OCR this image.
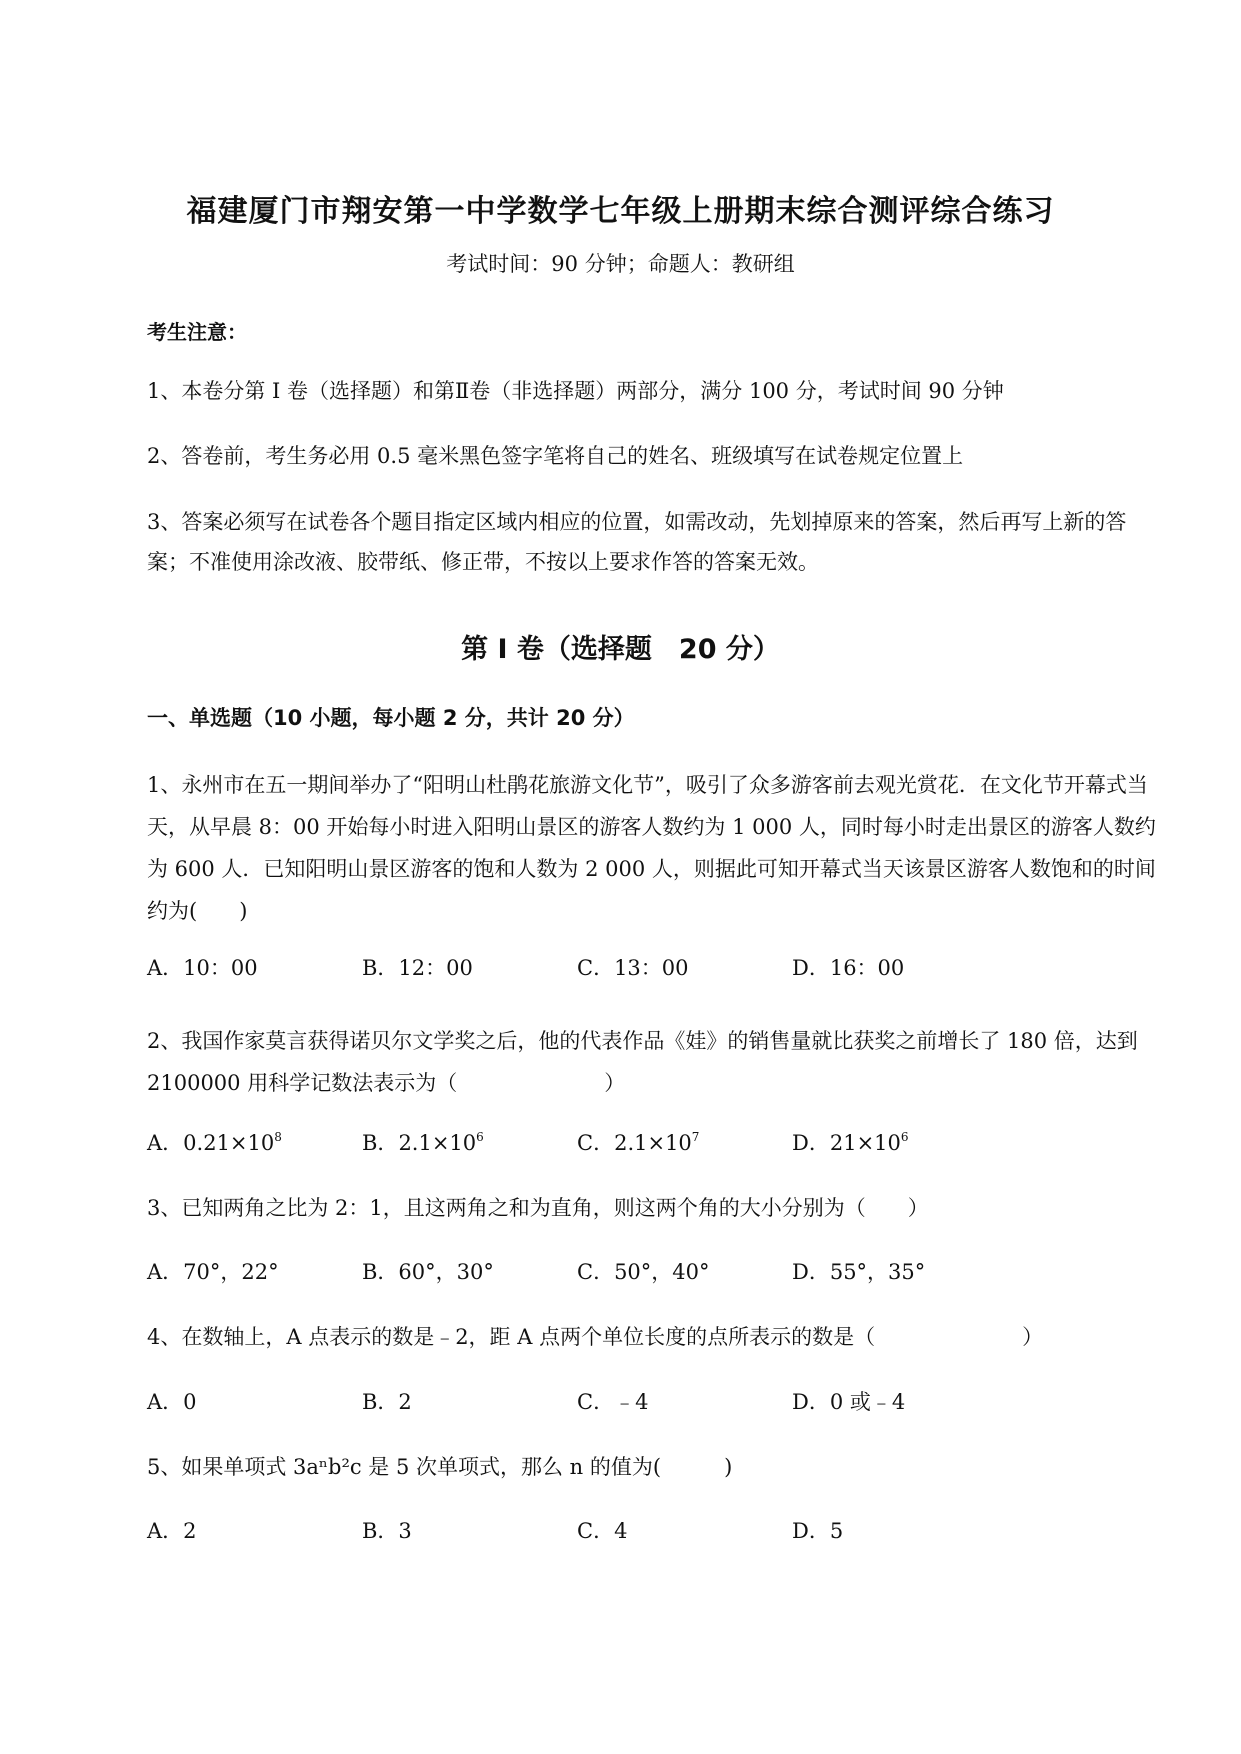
福建厦门市翔安第一中学数学七年级上册期末综合测评综合练习
考试时间：90 分钟；命题人：教研组
考生注意：
1、本卷分第 I 卷（选择题）和第Ⅱ卷（非选择题）两部分，满分 100 分，考试时间 90 分钟
2、答卷前，考生务必用 0.5 毫米黑色签字笔将自己的姓名、班级填写在试卷规定位置上
3、答案必须写在试卷各个题目指定区域内相应的位置，如需改动，先划掉原来的答案，然后再写上新的答案；不准使用涂改液、胶带纸、修正带，不按以上要求作答的答案无效。
第 I 卷（选择题　20 分）
一、单选题（10 小题，每小题 2 分，共计 20 分）
1、永州市在五一期间举办了“阳明山杜鹃花旅游文化节”，吸引了众多游客前去观光赏花．在文化节开幕式当天，从早晨 8：00 开始每小时进入阳明山景区的游客人数约为 1 000 人，同时每小时走出景区的游客人数约为 600 人．已知阳明山景区游客的饱和人数为 2 000 人，则据此可知开幕式当天该景区游客人数饱和的时间约为(　　)
A．10：00	B．12：00	C．13：00	D．16：00
2、我国作家莫言获得诺贝尔文学奖之后，他的代表作品《娃》的销售量就比获奖之前增长了 180 倍，达到 2100000 用科学记数法表示为（　　　　　　　）
A．$0.21\times 10^8$	B．$2.1\times 10^6$	C．$2.1\times 10^7$	D．$21\times 10^6$
3、已知两角之比为 2：1，且这两角之和为直角，则这两个角的大小分别为（　　）
A．70°，22°	B．60°，30°	C．50°，40°	D．55°，35°
4、在数轴上，A 点表示的数是﹣2，距 A 点两个单位长度的点所表示的数是（　　　　　　　）
A．0	B．2	C．﹣4	D．0 或﹣4
5、如果单项式 3aⁿb²c 是 5 次单项式，那么 n 的值为(　　　)
A．2	B．3	C．4	D．5
